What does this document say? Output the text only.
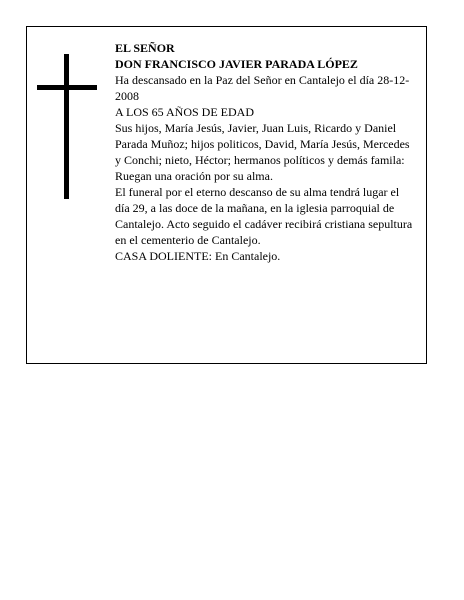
EL SEÑOR

DON FRANCISCO JAVIER PARADA LÓPEZ

Ha descansado en la Paz del Señor en Cantalejo el día 28-12-2008

A LOS 65 AÑOS DE EDAD

Sus hijos, María Jesús, Javier, Juan Luis, Ricardo y Daniel Parada Muñoz; hijos politicos, David, María Jesús, Mercedes y Conchi; nieto, Héctor; hermanos políticos y demás famila:

Ruegan una oración por su alma.

El funeral por el eterno descanso de su alma tendrá lugar el día 29, a las doce de la mañana, en la iglesia parroquial de Cantalejo. Acto seguido el cadáver recibirá cristiana sepultura en el cementerio de Cantalejo.

CASA DOLIENTE: En Cantalejo.
